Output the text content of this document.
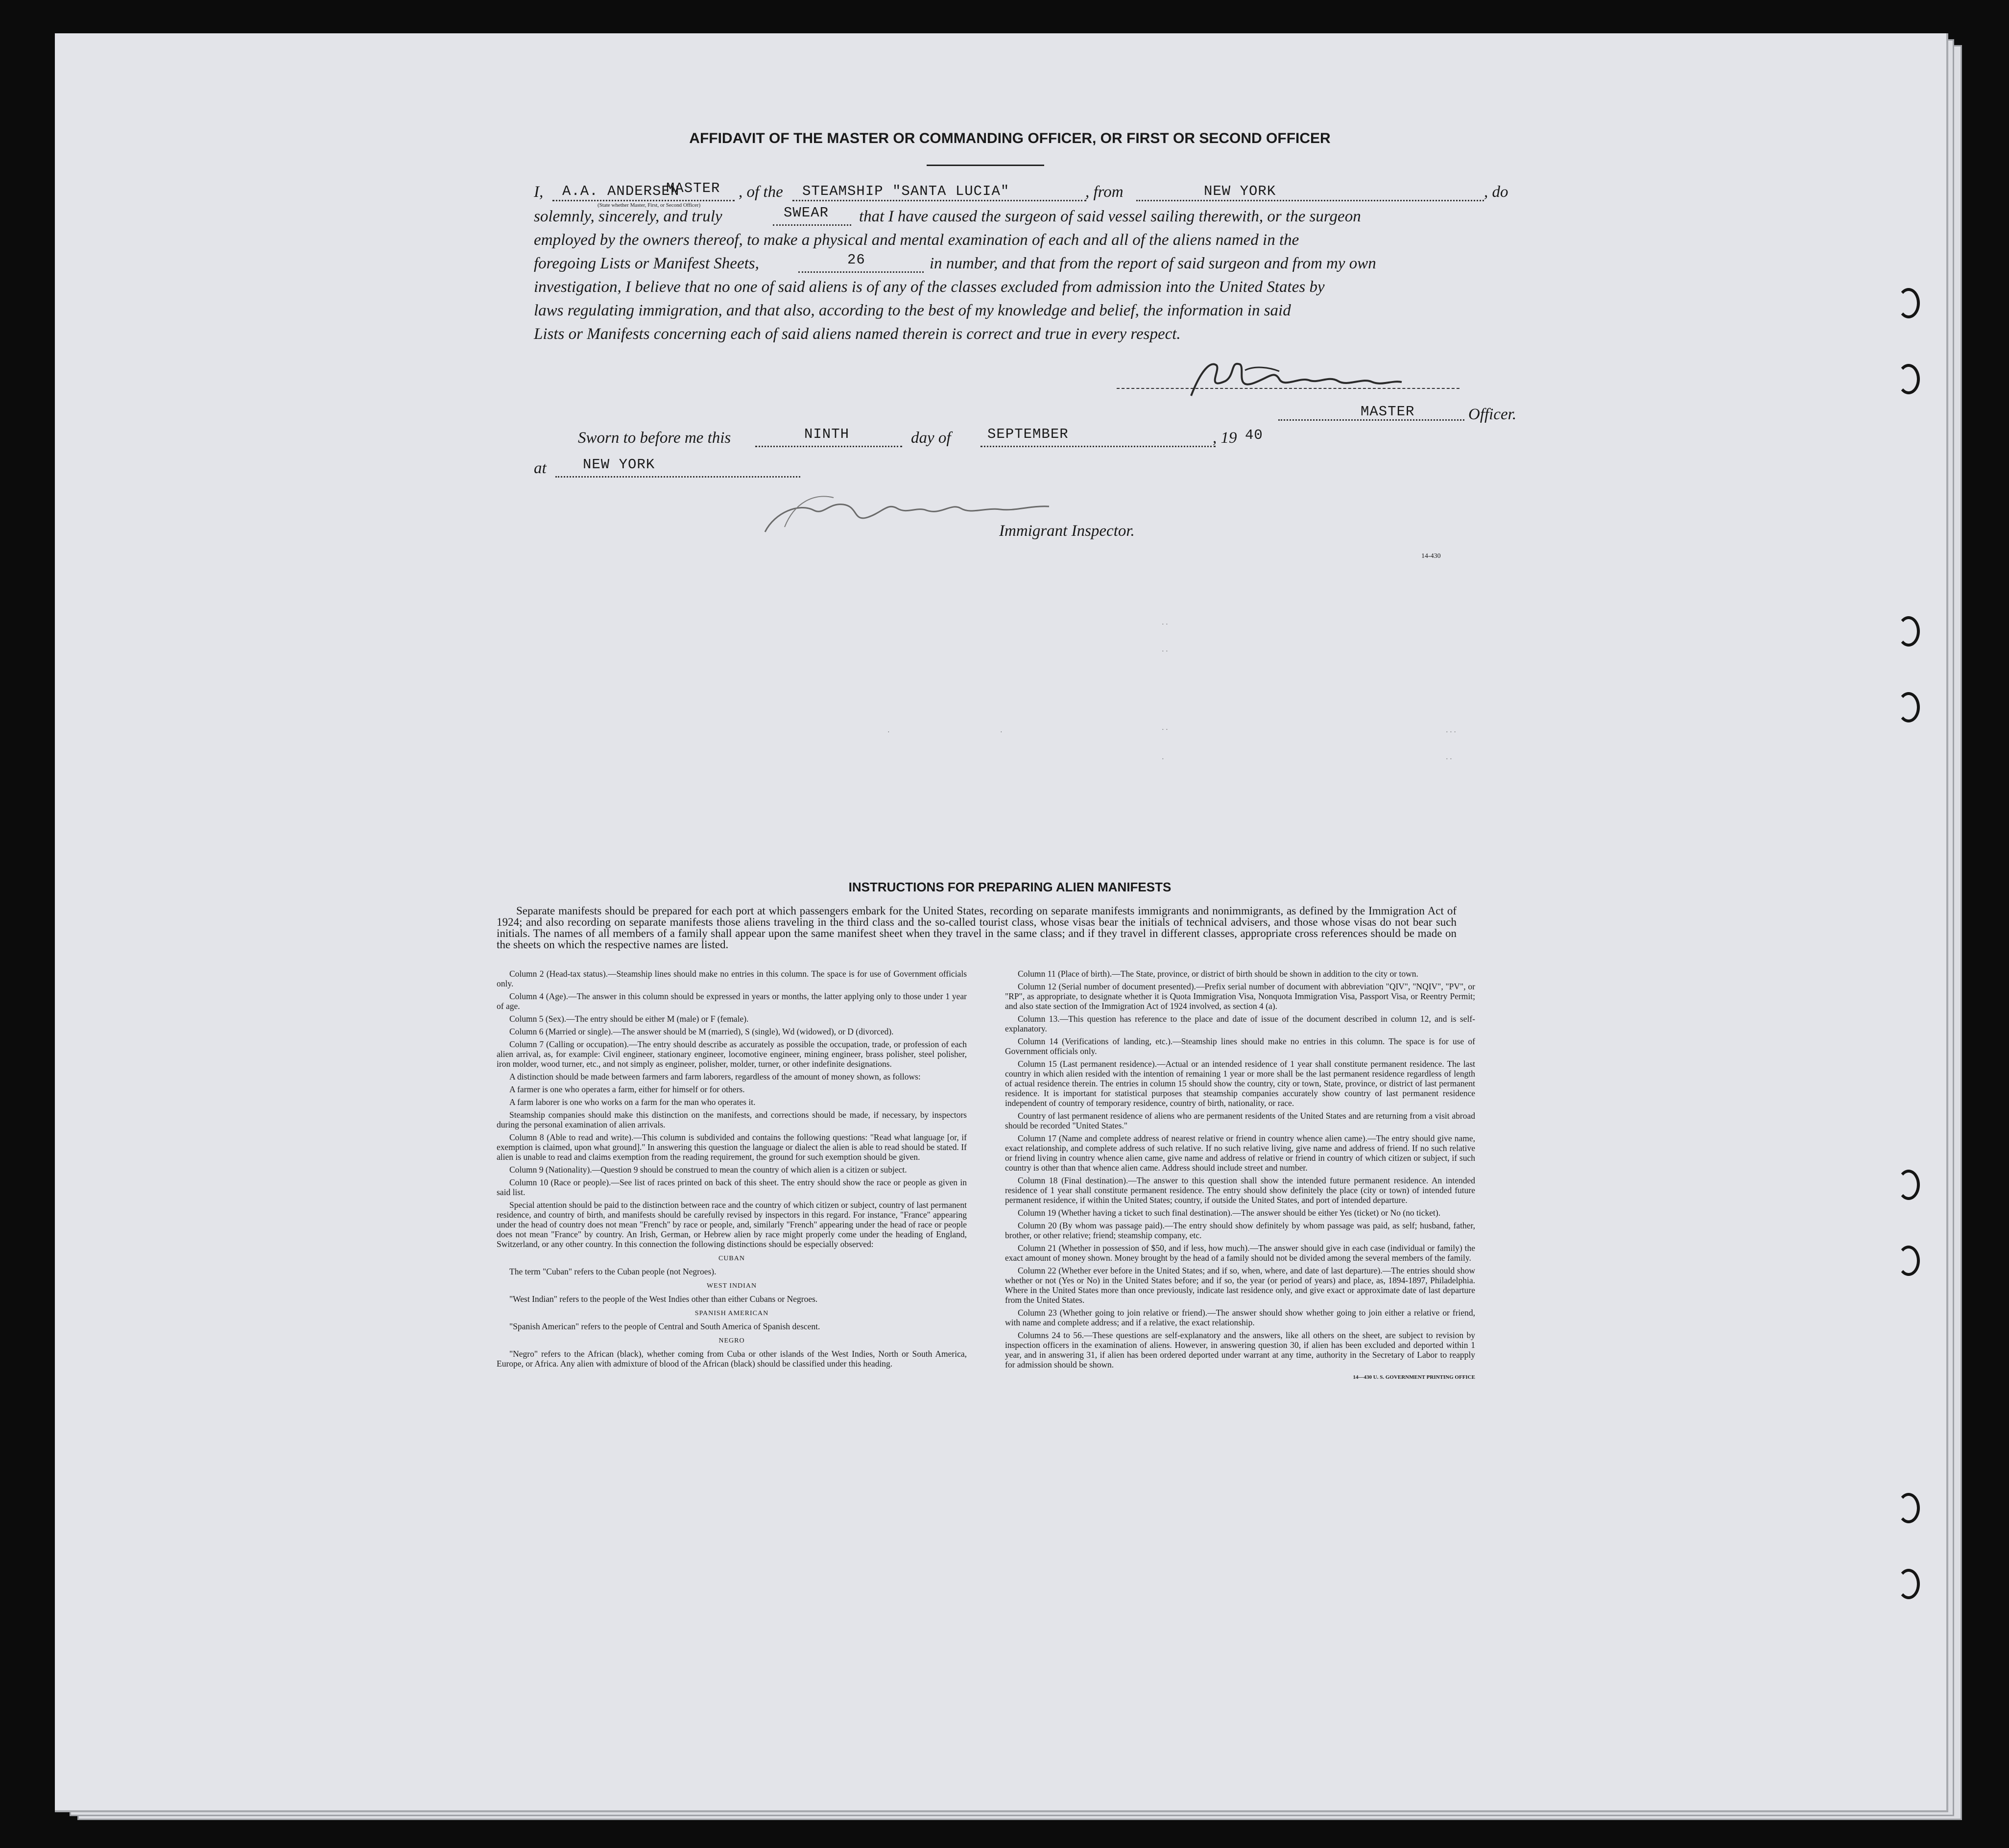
AFFIDAVIT OF THE MASTER OR COMMANDING OFFICER, OR FIRST OR SECOND OFFICER
I, A.A. ANDERSEN
MASTER
(State whether Master, First, or Second Officer)
, of the STEAMSHIP "SANTA LUCIA"	, from	NEW YORK	, do
solemnly, sincerely, and truly	SWEAR that I have caused the surgeon of said vessel sailing therewith, or the surgeon
employed by the owners thereof, to make a physical and mental examination of each and all of the aliens named in the
foregoing Lists or Manifest Sheets,	26	in number, and that from the report of said surgeon and from my own
investigation, I believe that no one of said aliens is of any of the classes excluded from admission into the United States by
laws regulating immigration, and that also, according to the best of my knowledge and belief, the information in said
Lists or Manifests concerning each of said aliens named therein is correct and true in every respect.
MASTER	Officer.
Sworn to before me this	NINTH	day of	SEPTEMBER	, 19 40
at	NEW YORK
Immigrant Inspector.
14-430
· ·
· ·
·	·	· ·
·
· · ·
· ·
INSTRUCTIONS FOR PREPARING ALIEN MANIFESTS
Separate manifests should be prepared for each port at which passengers embark for the United States, recording on separate manifests immigrants and nonimmigrants, as defined by the Immigration Act of 1924; and also recording on separate manifests those aliens traveling in the third class and the so-called tourist class, whose visas bear the initials of technical advisers, and those whose visas do not bear such initials. The names of all members of a family shall appear upon the same manifest sheet when they travel in the same class; and if they travel in different classes, appropriate cross references should be made on the sheets on which the respective names are listed.

Column 2 (Head-tax status).—Steamship lines should make no entries in this column. The space is for use of Government officials only.

Column 4 (Age).—The answer in this column should be expressed in years or months, the latter applying only to those under 1 year of age.

Column 5 (Sex).—The entry should be either M (male) or F (female).

Column 6 (Married or single).—The answer should be M (married), S (single), Wd (widowed), or D (divorced).

Column 7 (Calling or occupation).—The entry should describe as accurately as possible the occupation, trade, or profession of each alien arrival, as, for example: Civil engineer, stationary engineer, locomotive engineer, mining engineer, brass polisher, steel polisher, iron molder, wood turner, etc., and not simply as engineer, polisher, molder, turner, or other indefinite designations.

A distinction should be made between farmers and farm laborers, regardless of the amount of money shown, as follows:

A farmer is one who operates a farm, either for himself or for others.

A farm laborer is one who works on a farm for the man who operates it.

Steamship companies should make this distinction on the manifests, and corrections should be made, if necessary, by inspectors during the personal examination of alien arrivals.

Column 8 (Able to read and write).—This column is subdivided and contains the following questions: "Read what language [or, if exemption is claimed, upon what ground]." In answering this question the language or dialect the alien is able to read should be stated. If alien is unable to read and claims exemption from the reading requirement, the ground for such exemption should be given.

Column 9 (Nationality).—Question 9 should be construed to mean the country of which alien is a citizen or subject.

Column 10 (Race or people).—See list of races printed on back of this sheet. The entry should show the race or people as given in said list.

Special attention should be paid to the distinction between race and the country of which citizen or subject, country of last permanent residence, and country of birth, and manifests should be carefully revised by inspectors in this regard. For instance, "France" appearing under the head of country does not mean "French" by race or people, and, similarly "French" appearing under the head of race or people does not mean "France" by country. An Irish, German, or Hebrew alien by race might properly come under the heading of England, Switzerland, or any other country. In this connection the following distinctions should be especially observed:

CUBAN

The term "Cuban" refers to the Cuban people (not Negroes).

WEST INDIAN

"West Indian" refers to the people of the West Indies other than either Cubans or Negroes.

SPANISH AMERICAN

"Spanish American" refers to the people of Central and South America of Spanish descent.

NEGRO

"Negro" refers to the African (black), whether coming from Cuba or other islands of the West Indies, North or South America, Europe, or Africa. Any alien with admixture of blood of the African (black) should be classified under this heading.

Column 11 (Place of birth).—The State, province, or district of birth should be shown in addition to the city or town.

Column 12 (Serial number of document presented).—Prefix serial number of document with abbreviation "QIV", "NQIV", "PV", or "RP", as appropriate, to designate whether it is Quota Immigration Visa, Nonquota Immigration Visa, Passport Visa, or Reentry Permit; and also state section of the Immigration Act of 1924 involved, as section 4 (a).

Column 13.—This question has reference to the place and date of issue of the document described in column 12, and is self-explanatory.

Column 14 (Verifications of landing, etc.).—Steamship lines should make no entries in this column. The space is for use of Government officials only.

Column 15 (Last permanent residence).—Actual or an intended residence of 1 year shall constitute permanent residence. The last country in which alien resided with the intention of remaining 1 year or more shall be the last permanent residence regardless of length of actual residence therein. The entries in column 15 should show the country, city or town, State, province, or district of last permanent residence. It is important for statistical purposes that steamship companies accurately show country of last permanent residence independent of country of temporary residence, country of birth, nationality, or race.

Country of last permanent residence of aliens who are permanent residents of the United States and are returning from a visit abroad should be recorded "United States."

Column 17 (Name and complete address of nearest relative or friend in country whence alien came).—The entry should give name, exact relationship, and complete address of such relative. If no such relative living, give name and address of friend. If no such relative or friend living in country whence alien came, give name and address of relative or friend in country of which citizen or subject, if such country is other than that whence alien came. Address should include street and number.

Column 18 (Final destination).—The answer to this question shall show the intended future permanent residence. An intended residence of 1 year shall constitute permanent residence. The entry should show definitely the place (city or town) of intended future permanent residence, if within the United States; country, if outside the United States, and port of intended departure.

Column 19 (Whether having a ticket to such final destination).—The answer should be either Yes (ticket) or No (no ticket).

Column 20 (By whom was passage paid).—The entry should show definitely by whom passage was paid, as self; husband, father, brother, or other relative; friend; steamship company, etc.

Column 21 (Whether in possession of $50, and if less, how much).—The answer should give in each case (individual or family) the exact amount of money shown. Money brought by the head of a family should not be divided among the several members of the family.

Column 22 (Whether ever before in the United States; and if so, when, where, and date of last departure).—The entries should show whether or not (Yes or No) in the United States before; and if so, the year (or period of years) and place, as, 1894-1897, Philadelphia. Where in the United States more than once previously, indicate last residence only, and give exact or approximate date of last departure from the United States.

Column 23 (Whether going to join relative or friend).—The answer should show whether going to join either a relative or friend, with name and complete address; and if a relative, the exact relationship.

Columns 24 to 56.—These questions are self-explanatory and the answers, like all others on the sheet, are subject to revision by inspection officers in the examination of aliens. However, in answering question 30, if alien has been excluded and deported within 1 year, and in answering 31, if alien has been ordered deported under warrant at any time, authority in the Secretary of Labor to reapply for admission should be shown.

14—430 U. S. GOVERNMENT PRINTING OFFICE
